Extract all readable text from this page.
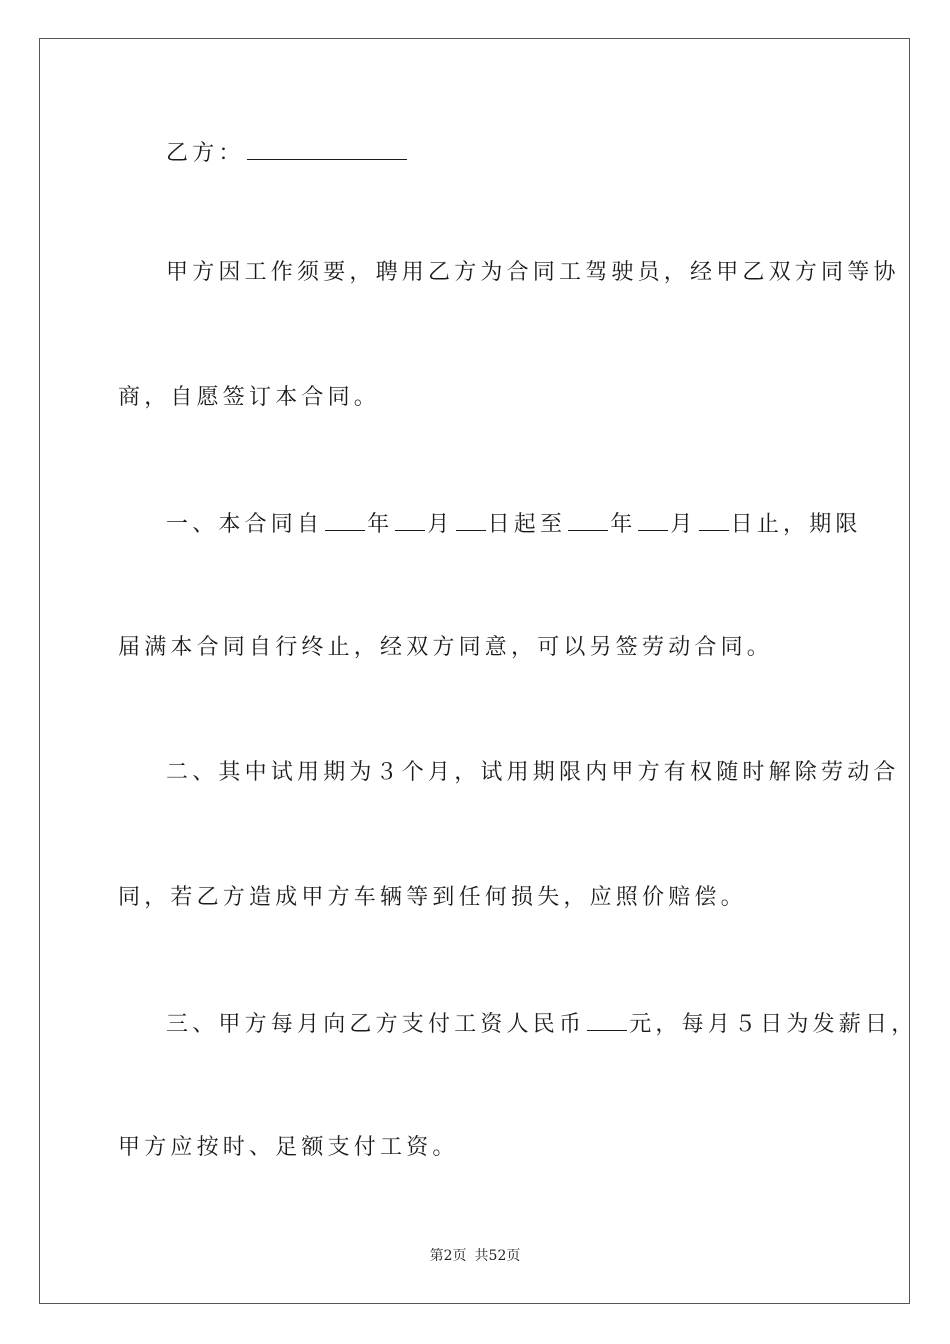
乙方：
甲方因工作须要，聘用乙方为合同工驾驶员，经甲乙双方同等协
商，自愿签订本合同。
一、本合同自 年 月 日起至 年 月 日止，期限
届满本合同自行终止，经双方同意，可以另签劳动合同。
二、其中试用期为３个月，试用期限内甲方有权随时解除劳动合
同，若乙方造成甲方车辆等到任何损失，应照价赔偿。
三、甲方每月向乙方支付工资人民币 元，每月５日为发薪日，
甲方应按时、足额支付工资。
第2页 共52页
